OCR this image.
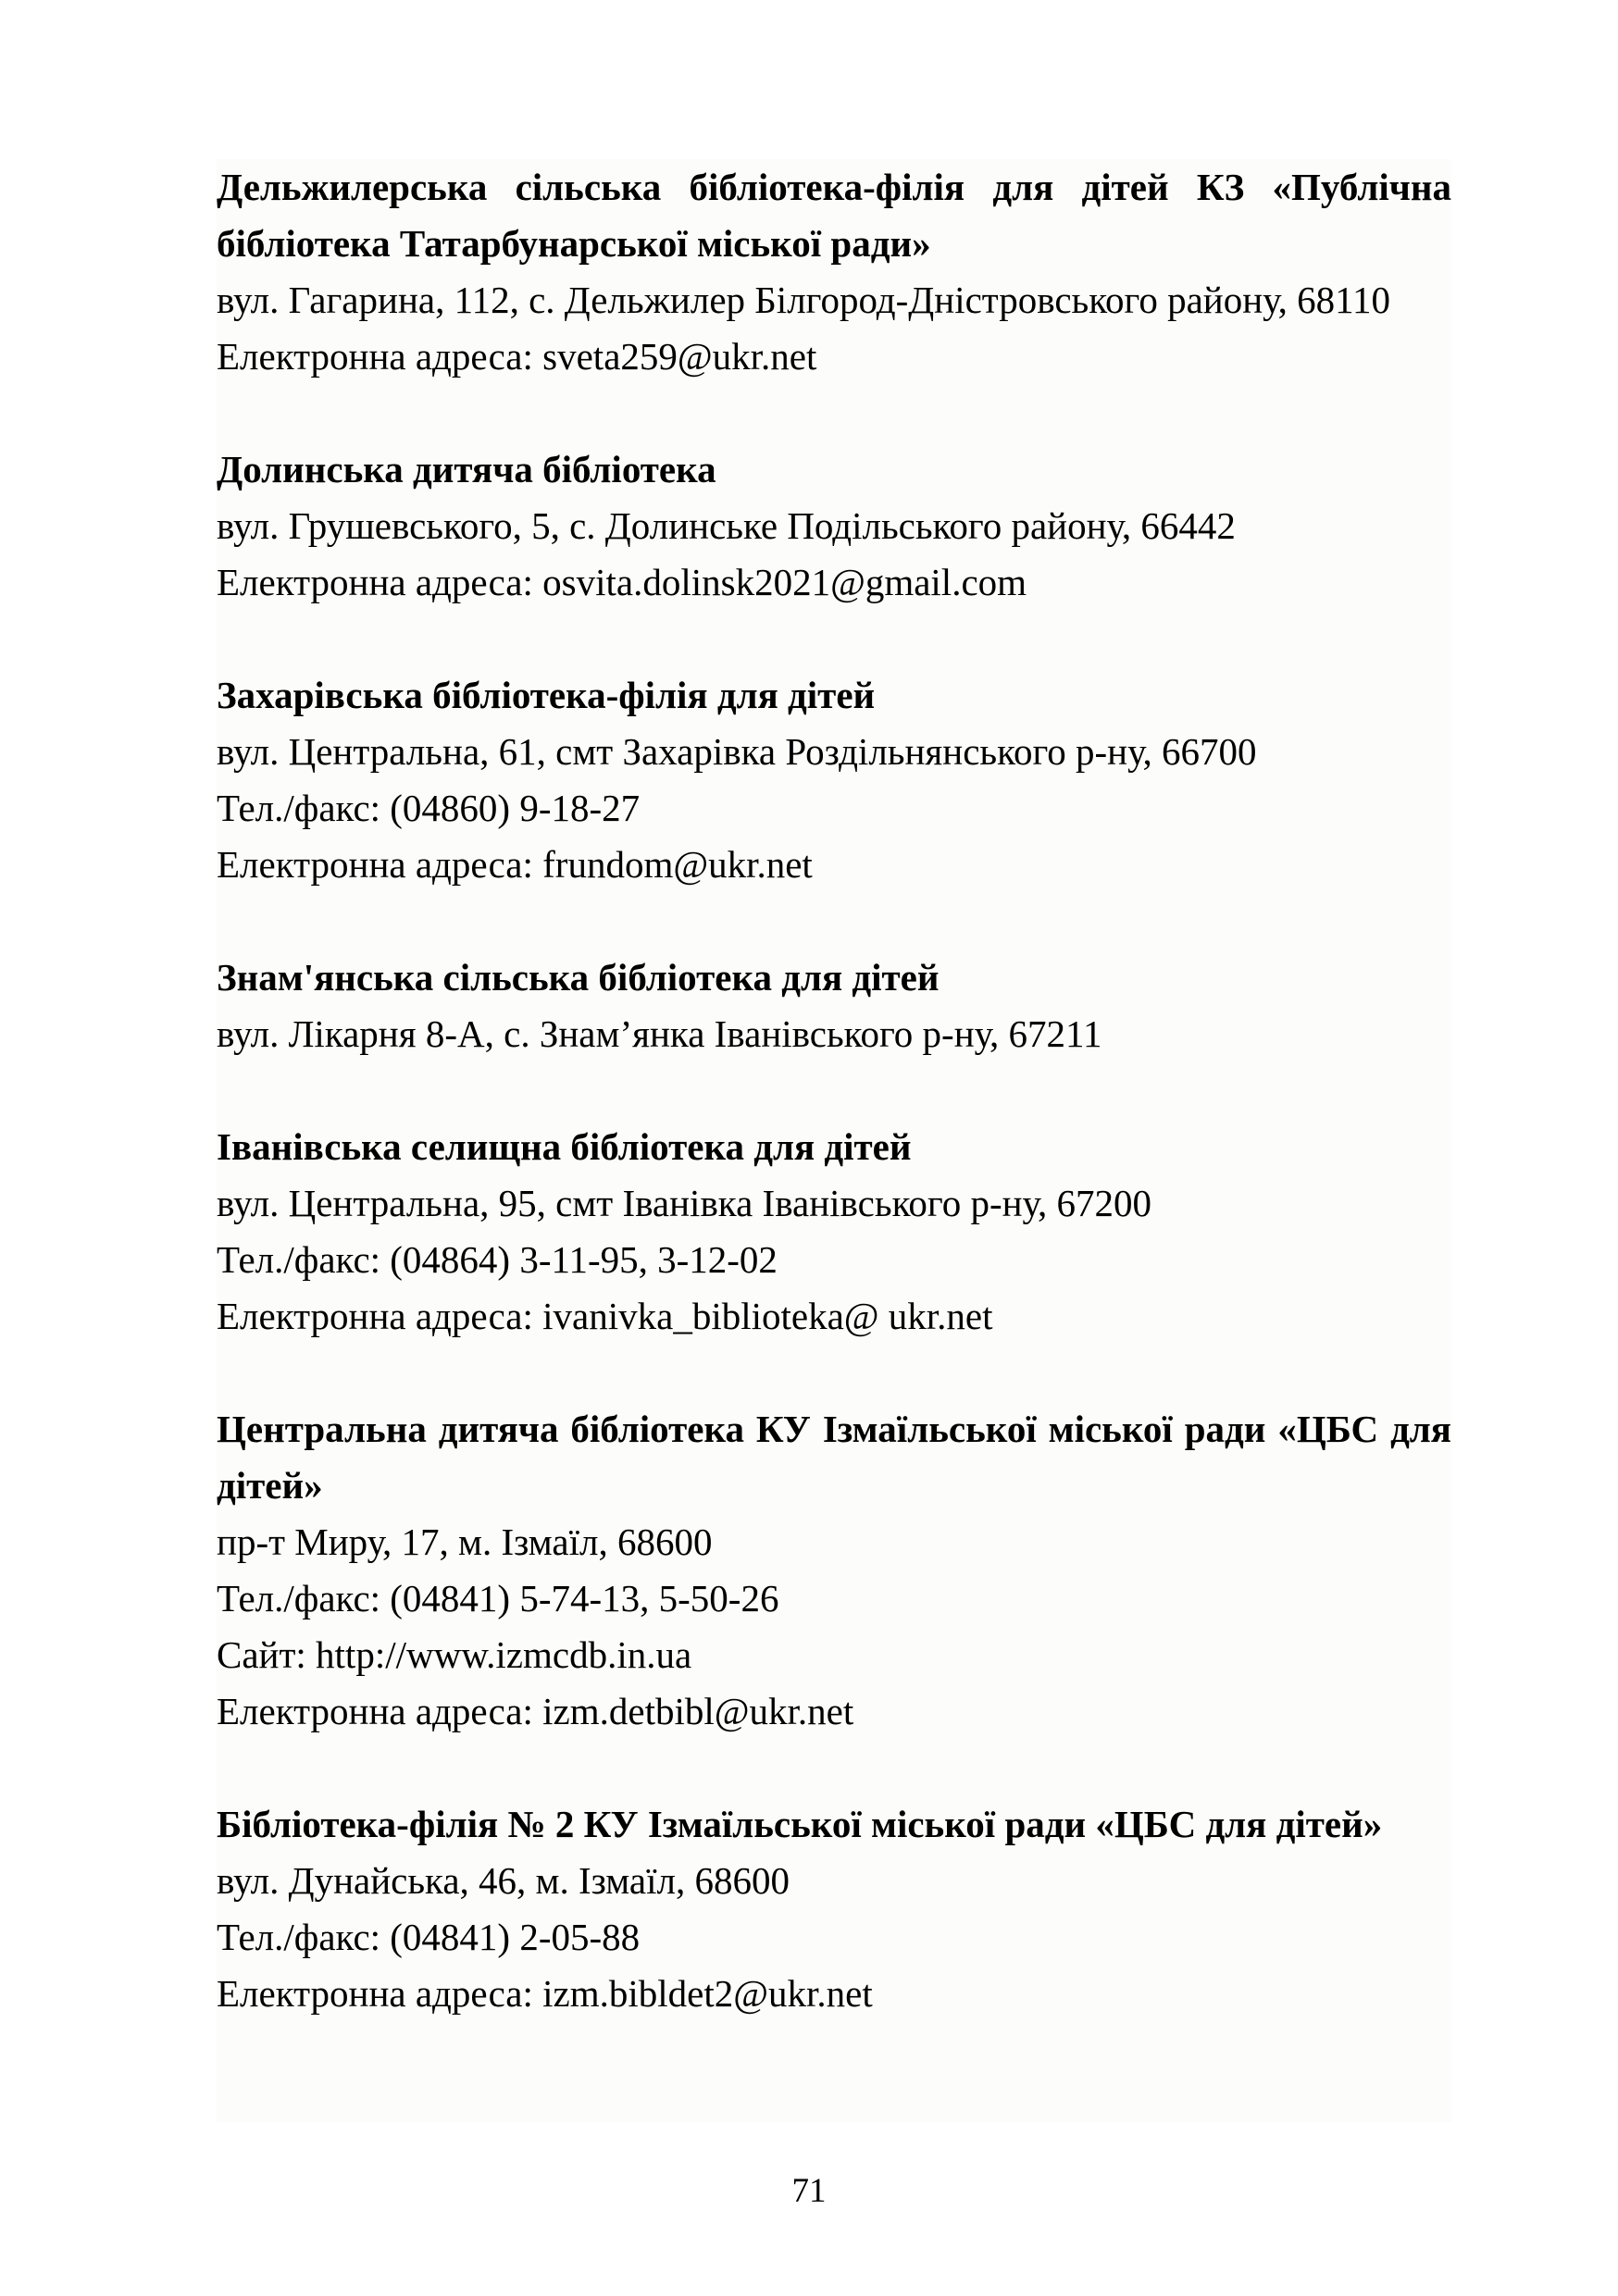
Дельжилерська сільська бібліотека-філія для дітей КЗ «Публічна бібліотека Татарбунарської міської ради»

вул. Гагарина, 112, с. Дельжилер Білгород-Дністровського району, 68110

Електронна адреса: sveta259@ukr.net

Долинська дитяча бібліотека

вул. Грушевського, 5, с. Долинське Подільського району, 66442

Електронна адреса: osvita.dolinsk2021@gmail.com

Захарівська бібліотека-філія для дітей

вул. Центральна, 61, смт Захарівка Роздільнянського р-ну, 66700

Тел./факс: (04860) 9-18-27

Електронна адреса: frundom@ukr.net

Знам'янська сільська бібліотека для дітей

вул. Лікарня 8-А, с. Знам’янка Іванівського р-ну, 67211

Іванівська селищна бібліотека для дітей

вул. Центральна, 95, смт Іванівка Іванівського р-ну, 67200

Тел./факс: (04864) 3-11-95, 3-12-02

Електронна адреса: ivanivka_biblioteka@ ukr.net

Центральна дитяча бібліотека КУ Ізмаїльської міської ради «ЦБС для дітей»

пр-т Миру, 17, м. Ізмаїл, 68600

Тел./факс: (04841) 5-74-13, 5-50-26

Сайт: http://www.izmcdb.in.ua

Електронна адреса: izm.detbibl@ukr.net

Бібліотека-філія № 2 КУ Ізмаїльської міської ради «ЦБС для дітей»

вул. Дунайська, 46, м. Ізмаїл, 68600

Тел./факс: (04841) 2-05-88

Електронна адреса: izm.bibldet2@ukr.net

71
